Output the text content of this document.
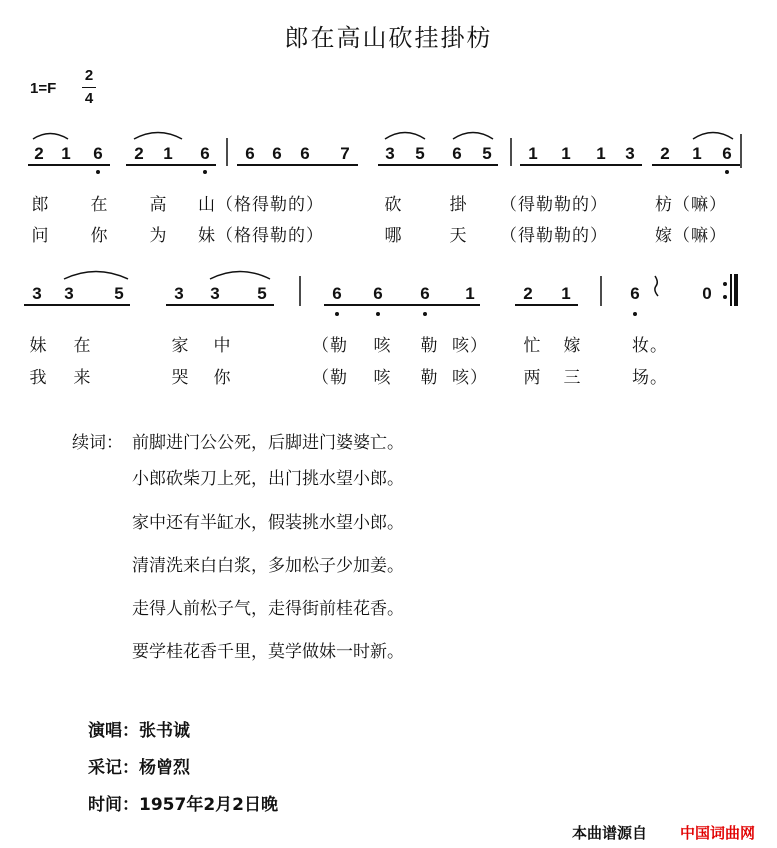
郎在高山砍挂掛枋
1=F
2
4
2	1	6	2	1	6	6	6	6	7	3	5	6	5	1	1	1	3	2	1	6
郎 在 高 山（格得勒的）	砍	掛 （得勒勒的）	枋（嘛）
问 你 为 妹（格得勒的）	哪	天 （得勒勒的）	嫁（嘛）
3	3	5	3	3	5	6	6	6	1	2	1	6	0
妹 在	家 中	（勒 咳 勒 咳） 忙 嫁	妆。
我 来	哭 你	（勒 咳 勒 咳） 两 三	场。
续词： 前脚进门公公死，后脚进门婆婆亡。
小郎砍柴刀上死，出门挑水望小郎。
家中还有半缸水，假装挑水望小郎。
清清洗来白白浆，多加松子少加姜。
走得人前松子气，走得街前桂花香。
要学桂花香千里，莫学做妹一时新。
演唱：张书诚
采记：杨曾烈
时间：1957年2月2日晚
本曲谱源自 中国词曲网
